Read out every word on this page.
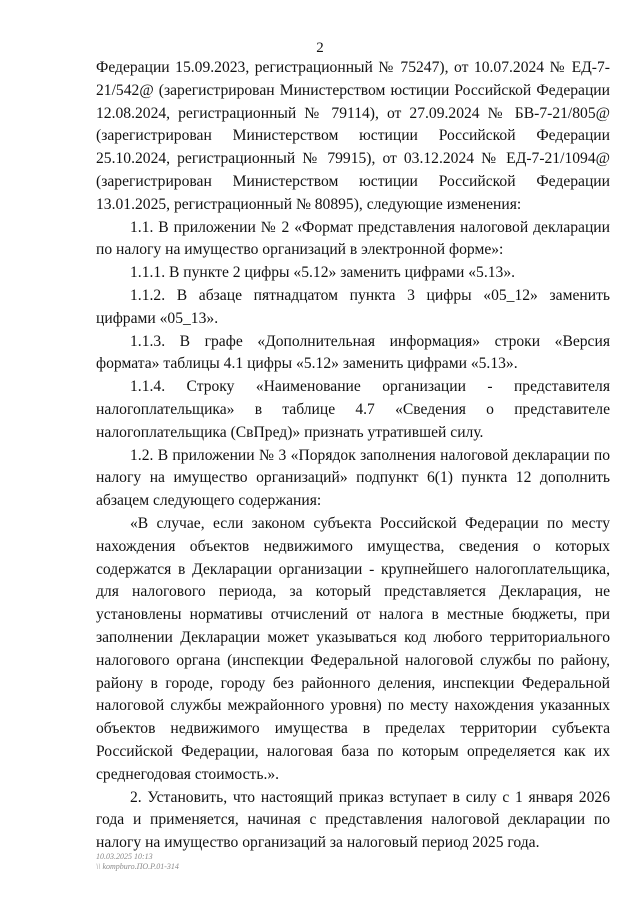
2

Федерации 15.09.2023, регистрационный № 75247), от 10.07.2024 № ЕД-7-21/542@ (зарегистрирован Министерством юстиции Российской Федерации 12.08.2024, регистрационный № 79114), от 27.09.2024 № БВ-7-21/805@ (зарегистрирован Министерством юстиции Российской Федерации 25.10.2024, регистрационный № 79915), от 03.12.2024 № ЕД-7-21/1094@ (зарегистрирован Министерством юстиции Российской Федерации 13.01.2025, регистрационный № 80895), следующие изменения:

1.1. В приложении № 2 «Формат представления налоговой декларации по налогу на имущество организаций в электронной форме»:

1.1.1. В пункте 2 цифры «5.12» заменить цифрами «5.13».

1.1.2. В абзаце пятнадцатом пункта 3 цифры «05_12» заменить цифрами «05_13».

1.1.3. В графе «Дополнительная информация» строки «Версия формата» таблицы 4.1 цифры «5.12» заменить цифрами «5.13».

1.1.4. Строку «Наименование организации - представителя налогоплательщика» в таблице 4.7 «Сведения о представителе налогоплательщика (СвПред)» признать утратившей силу.

1.2. В приложении № 3 «Порядок заполнения налоговой декларации по налогу на имущество организаций» подпункт 6(1) пункта 12 дополнить абзацем следующего содержания:

«В случае, если законом субъекта Российской Федерации по месту нахождения объектов недвижимого имущества, сведения о которых содержатся в Декларации организации - крупнейшего налогоплательщика, для налогового периода, за который представляется Декларация, не установлены нормативы отчислений от налога в местные бюджеты, при заполнении Декларации может указываться код любого территориального налогового органа (инспекции Федеральной налоговой службы по району, району в городе, городу без районного деления, инспекции Федеральной налоговой службы межрайонного уровня) по месту нахождения указанных объектов недвижимого имущества в пределах территории субъекта Российской Федерации, налоговая база по которым определяется как их среднегодовая стоимость.».

2. Установить, что настоящий приказ вступает в силу с 1 января 2026 года и применяется, начиная с представления налоговой декларации по налогу на имущество организаций за налоговый период 2025 года.

10.03.2025 10:13
\\ kompburo.ПО.Р.01-314
